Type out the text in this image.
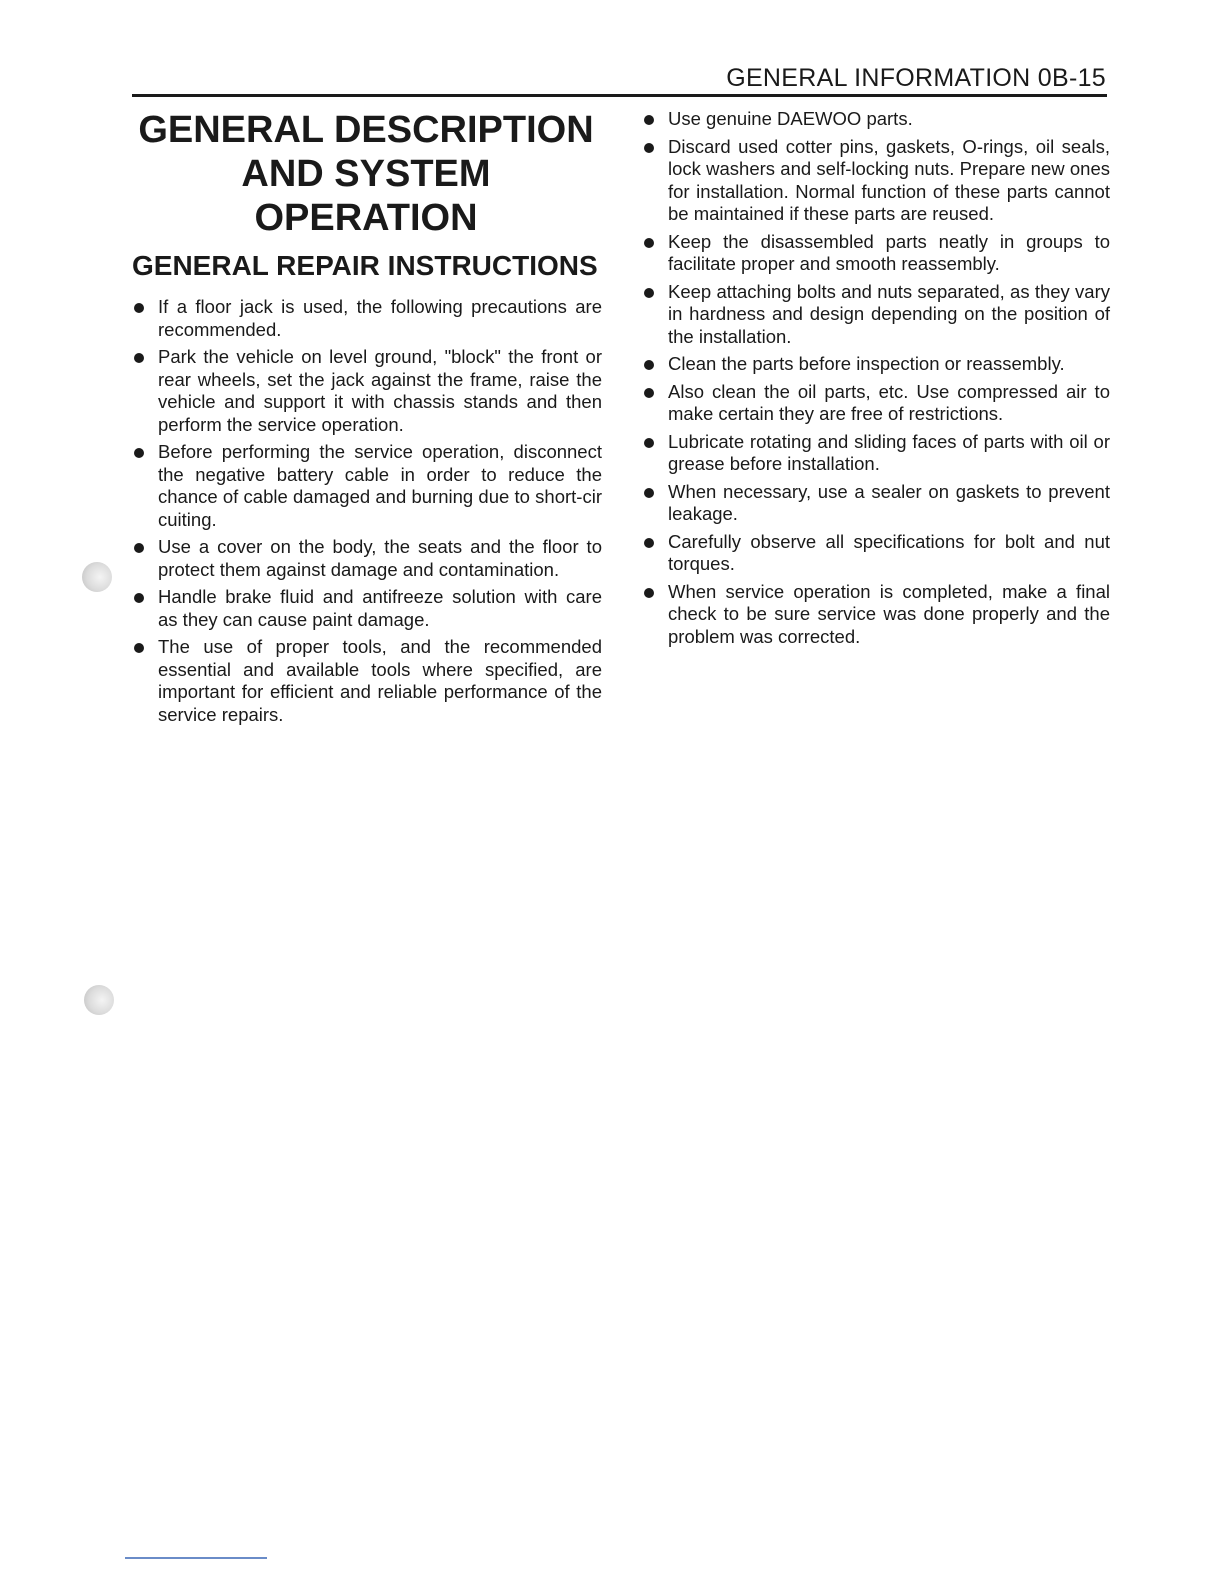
GENERAL INFORMATION 0B-15
GENERAL DESCRIPTION
AND SYSTEM OPERATION
GENERAL REPAIR INSTRUCTIONS
If a floor jack is used, the following precautions are recommended.
Park the vehicle on level ground, "block" the front or rear wheels, set the jack against the frame, raise the vehicle and support it with chassis stands and then perform the service operation.
Before performing the service operation, disconnect the negative battery cable in order to reduce the chance of cable damaged and burning due to short-cir cuiting.
Use a cover on the body, the seats and the floor to protect them against damage and contamination.
Handle brake fluid and antifreeze solution with care as they can cause paint damage.
The use of proper tools, and the recommended essential and available tools where specified, are important for efficient and reliable performance of the service repairs.
Use genuine DAEWOO parts.
Discard used cotter pins, gaskets, O-rings, oil seals, lock washers and self-locking nuts. Prepare new ones for installation. Normal function of these parts cannot be maintained if these parts are reused.
Keep the disassembled parts neatly in groups to facilitate proper and smooth reassembly.
Keep attaching bolts and nuts separated, as they vary in hardness and design depending on the position of the installation.
Clean the parts before inspection or reassembly.
Also clean the oil parts, etc. Use compressed air to make certain they are free of restrictions.
Lubricate rotating and sliding faces of parts with oil or grease before installation.
When necessary, use a sealer on gaskets to prevent leakage.
Carefully observe all specifications for bolt and nut torques.
When service operation is completed, make a final check to be sure service was done properly and the problem was corrected.
